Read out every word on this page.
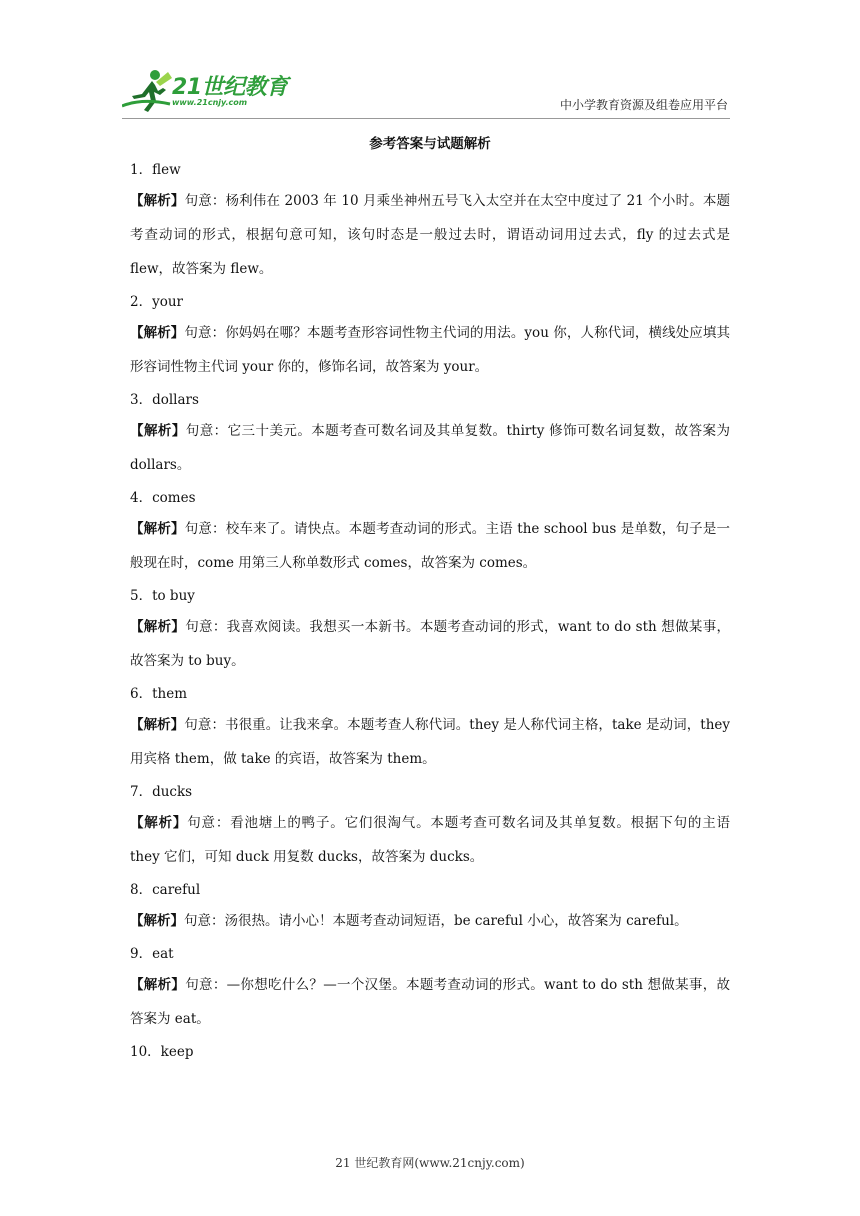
21世纪教育
www.21cnjy.com	中小学教育资源及组卷应用平台
参考答案与试题解析
1．flew
【解析】句意：杨利伟在 2003 年 10 月乘坐神州五号飞入太空并在太空中度过了 21 个小时。本题考查动词的形式，根据句意可知，该句时态是一般过去时，谓语动词用过去式，fly 的过去式是 flew，故答案为 flew。
2．your
【解析】句意：你妈妈在哪？本题考查形容词性物主代词的用法。you 你，人称代词，横线处应填其形容词性物主代词 your 你的，修饰名词，故答案为 your。
3．dollars
【解析】句意：它三十美元。本题考查可数名词及其单复数。thirty 修饰可数名词复数，故答案为 dollars。
4．comes
【解析】句意：校车来了。请快点。本题考查动词的形式。主语 the school bus 是单数，句子是一般现在时，come 用第三人称单数形式 comes，故答案为 comes。
5．to buy
【解析】句意：我喜欢阅读。我想买一本新书。本题考查动词的形式，want to do sth 想做某事，故答案为 to buy。
6．them
【解析】句意：书很重。让我来拿。本题考查人称代词。they 是人称代词主格，take 是动词，they 用宾格 them，做 take 的宾语，故答案为 them。
7．ducks
【解析】句意：看池塘上的鸭子。它们很淘气。本题考查可数名词及其单复数。根据下句的主语 they 它们，可知 duck 用复数 ducks，故答案为 ducks。
8．careful
【解析】句意：汤很热。请小心！本题考查动词短语，be careful 小心，故答案为 careful。
9．eat
【解析】句意：—你想吃什么？—一个汉堡。本题考查动词的形式。want to do sth 想做某事，故答案为 eat。
10．keep
21 世纪教育网(www.21cnjy.com)
